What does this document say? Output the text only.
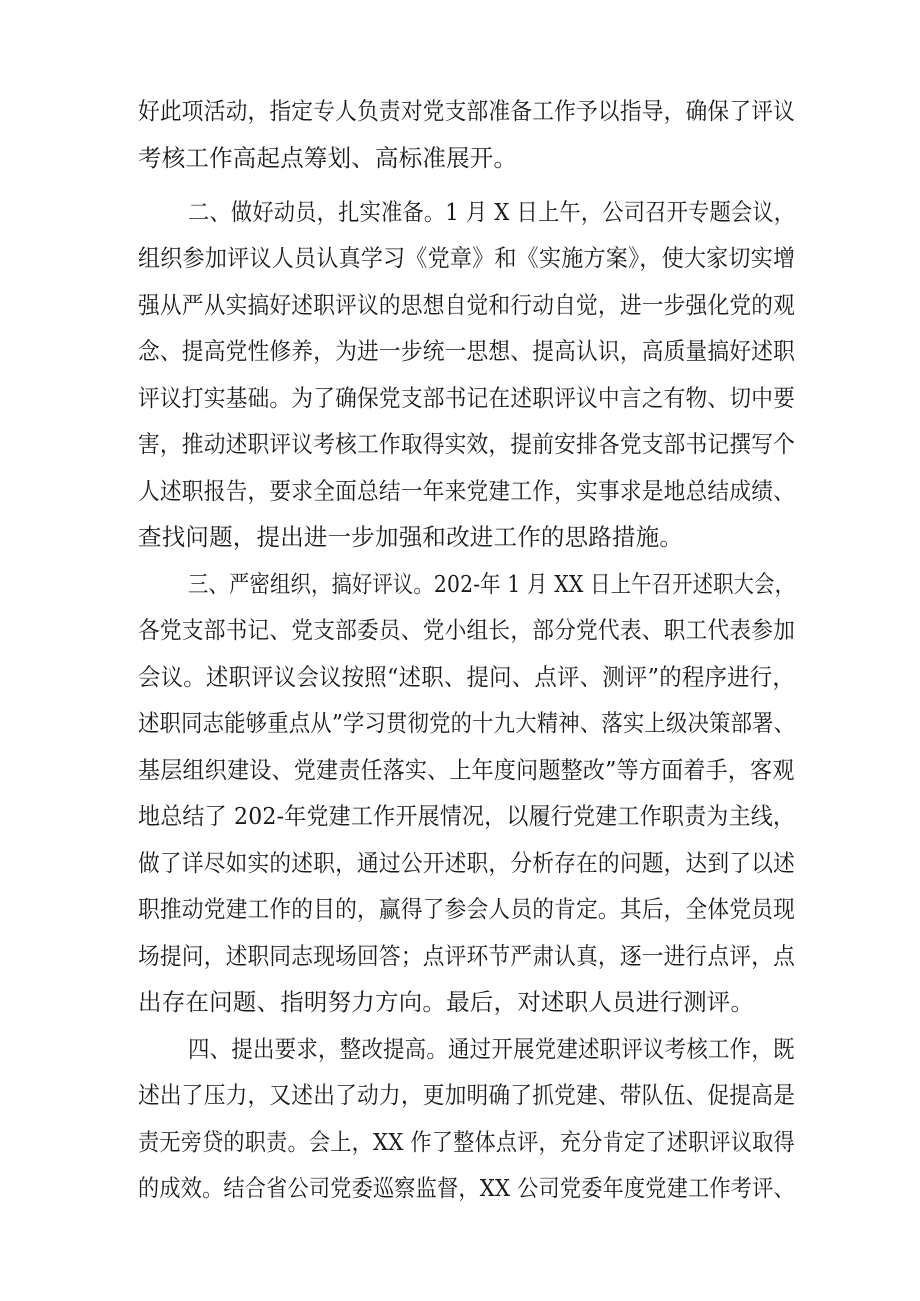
好此项活动，指定专人负责对党支部准备工作予以指导，确保了评议
考核工作高起点筹划、高标准展开。
二、做好动员，扎实准备。1 月 X 日上午，公司召开专题会议，
组织参加评议人员认真学习《党章》和《实施方案》，使大家切实增
强从严从实搞好述职评议的思想自觉和行动自觉，进一步强化党的观
念、提高党性修养，为进一步统一思想、提高认识，高质量搞好述职
评议打实基础。为了确保党支部书记在述职评议中言之有物、切中要
害，推动述职评议考核工作取得实效，提前安排各党支部书记撰写个
人述职报告，要求全面总结一年来党建工作，实事求是地总结成绩、
查找问题，提出进一步加强和改进工作的思路措施。
三、严密组织，搞好评议。202-年 1 月 XX 日上午召开述职大会，
各党支部书记、党支部委员、党小组长，部分党代表、职工代表参加
会议。述职评议会议按照“述职、提问、点评、测评”的程序进行，
述职同志能够重点从”学习贯彻党的十九大精神、落实上级决策部署、
基层组织建设、党建责任落实、上年度问题整改”等方面着手，客观
地总结了 202-年党建工作开展情况，以履行党建工作职责为主线，
做了详尽如实的述职，通过公开述职，分析存在的问题，达到了以述
职推动党建工作的目的，赢得了参会人员的肯定。其后，全体党员现
场提问，述职同志现场回答；点评环节严肃认真，逐一进行点评，点
出存在问题、指明努力方向。最后，对述职人员进行测评。
四、提出要求，整改提高。通过开展党建述职评议考核工作，既
述出了压力，又述出了动力，更加明确了抓党建、带队伍、促提高是
责无旁贷的职责。会上，XX 作了整体点评，充分肯定了述职评议取得
的成效。结合省公司党委巡察监督，XX 公司党委年度党建工作考评、
